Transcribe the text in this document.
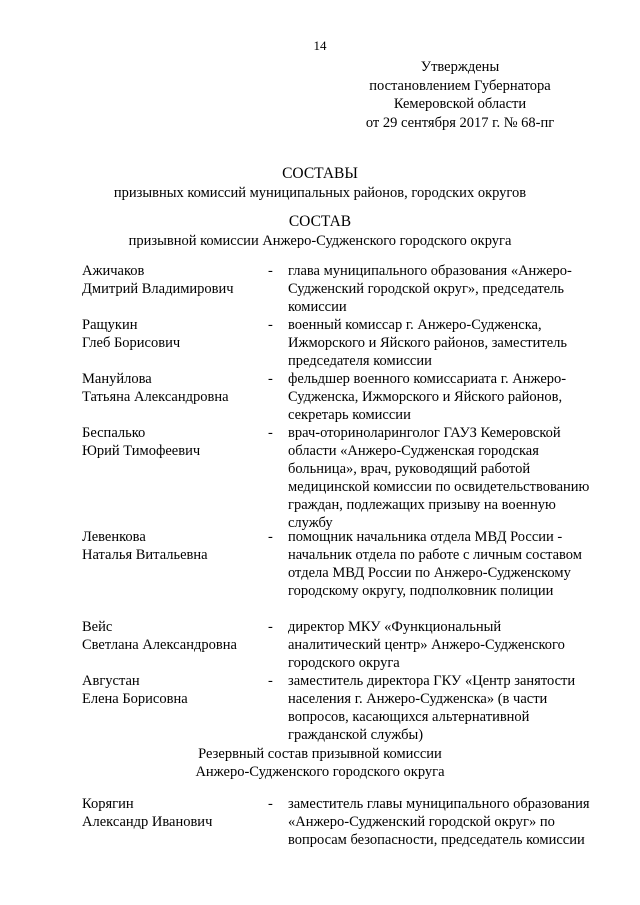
14
Утверждены
постановлением Губернатора
Кемеровской области
от 29 сентября 2017 г. № 68-пг
СОСТАВЫ
призывных комиссий муниципальных районов, городских округов
СОСТАВ
призывной комиссии Анжеро-Судженского городского округа
Ажичаков
Дмитрий Владимирович
-	глава муниципального образования «Анжеро-Судженский городской округ», председатель комиссии
Ращукин
Глеб Борисович
-	военный комиссар г. Анжеро-Судженска, Ижморского и Яйского районов, заместитель председателя комиссии
Мануйлова
Татьяна Александровна
-	фельдшер военного комиссариата г. Анжеро-Судженска, Ижморского и Яйского районов, секретарь комиссии
Беспалько
Юрий Тимофеевич
-	врач-оториноларинголог ГАУЗ Кемеровской области «Анжеро-Судженская городская больница», врач, руководящий работой медицинской комиссии по освидетельствованию граждан, подлежащих призыву на военную службу
Левенкова
Наталья Витальевна
-	помощник начальника отдела МВД России - начальник отдела по работе с личным составом отдела МВД России по Анжеро-Судженскому городскому округу, подполковник полиции
Вейс
Светлана Александровна
-	директор МКУ «Функциональный аналитический центр» Анжеро-Судженского городского округа
Августан
Елена Борисовна
-	заместитель директора ГКУ «Центр занятости населения г. Анжеро-Судженска» (в части вопросов, касающихся альтернативной гражданской службы)
Резервный состав призывной комиссии
Анжеро-Судженского городского округа
Корягин
Александр Иванович
-	заместитель главы муниципального образования «Анжеро-Судженский городской округ» по вопросам безопасности, председатель комиссии
